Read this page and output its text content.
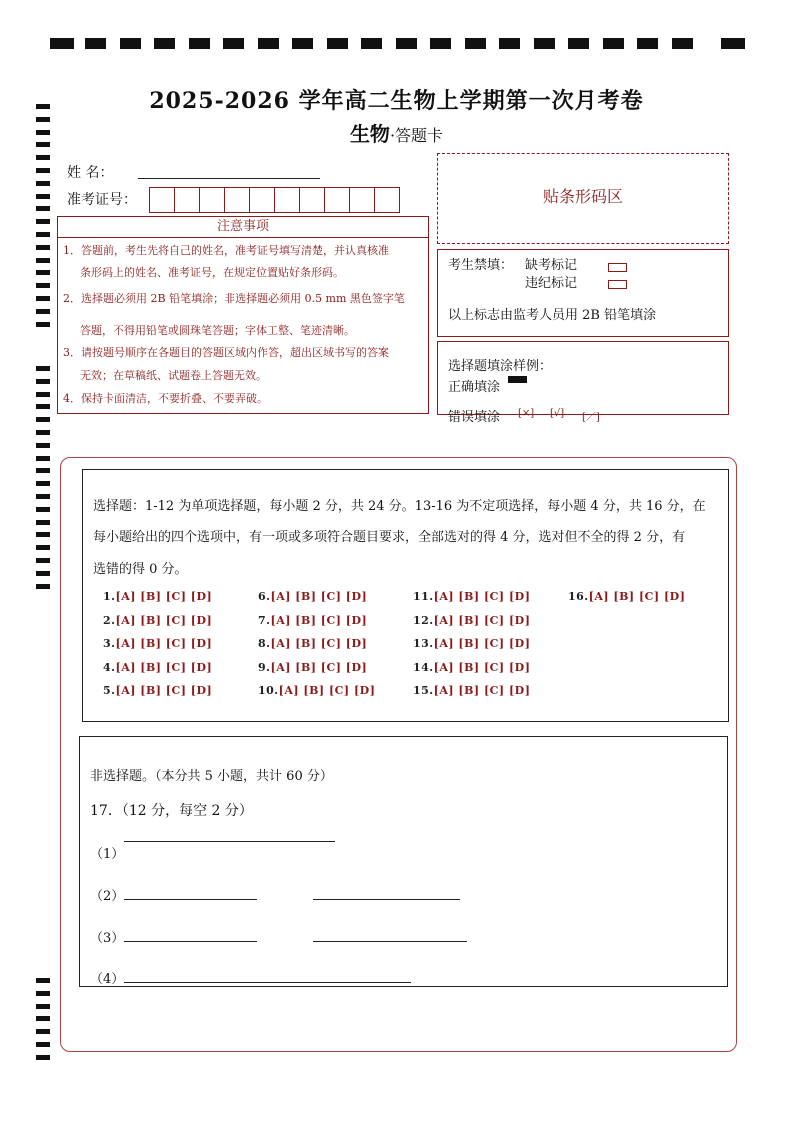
2025-2026 学年高二生物上学期第一次月考卷
生物·答题卡
姓 名：
准考证号：
注意事项
1．答题前，考生先将自己的姓名，准考证号填写清楚，并认真核准
条形码上的姓名、准考证号，在规定位置贴好条形码。
2．选择题必须用 2B 铅笔填涂；非选择题必须用 0.5 mm 黑色签字笔
答题，不得用铅笔或圆珠笔答题；字体工整、笔迹清晰。
3．请按题号顺序在各题目的答题区域内作答，超出区域书写的答案
无效；在草稿纸、试题卷上答题无效。
4．保持卡面清洁，不要折叠、不要弄破。
贴条形码区
考生禁填： 缺考标记
违纪标记
以上标志由监考人员用 2B 铅笔填涂
选择题填涂样例：
正确填涂
错误填涂 [×] [√] [／]
选择题：1-12 为单项选择题，每小题 2 分，共 24 分。13-16 为不定项选择，每小题 4 分，共 16 分，在
每小题给出的四个选项中，有一项或多项符合题目要求，全部选对的得 4 分，选对但不全的得 2 分，有
选错的得 0 分。
1.[A] [B] [C] [D]
2.[A] [B] [C] [D]
3.[A] [B] [C] [D]
4.[A] [B] [C] [D]
5.[A] [B] [C] [D]
6.[A] [B] [C] [D]
7.[A] [B] [C] [D]
8.[A] [B] [C] [D]
9.[A] [B] [C] [D]
10.[A] [B] [C] [D]
11.[A] [B] [C] [D]
12.[A] [B] [C] [D]
13.[A] [B] [C] [D]
14.[A] [B] [C] [D]
15.[A] [B] [C] [D]
16.[A] [B] [C] [D]
非选择题。（本分共 5 小题，共计 60 分）
17．（12 分，每空 2 分）
（1）
（2）
（3）
（4）
